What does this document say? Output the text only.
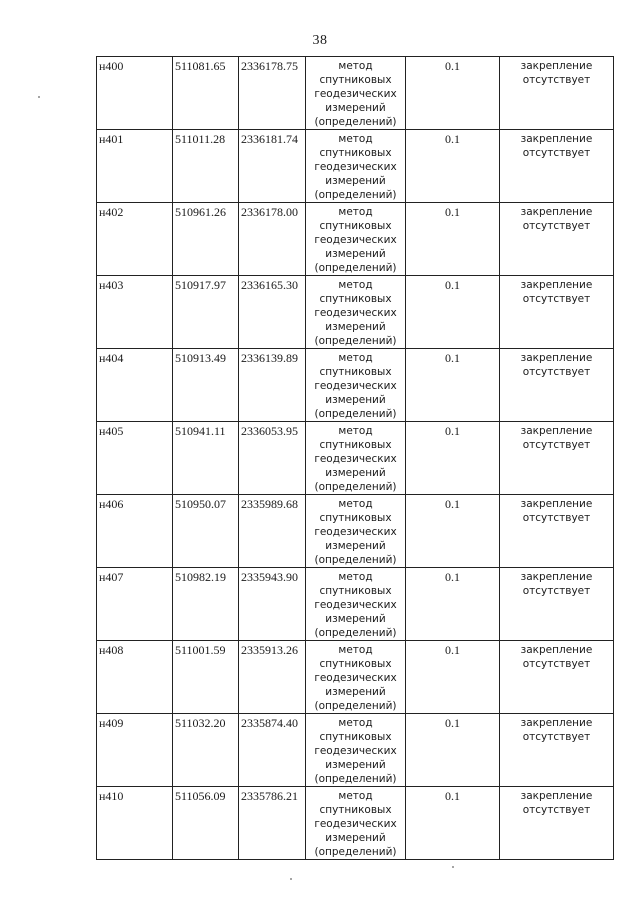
38
н400	511081.65	2336178.75	метод спутниковых геодезических измерений (определений)	0.1	закрепление отсутствует
н401	511011.28	2336181.74	метод спутниковых геодезических измерений (определений)	0.1	закрепление отсутствует
н402	510961.26	2336178.00	метод спутниковых геодезических измерений (определений)	0.1	закрепление отсутствует
н403	510917.97	2336165.30	метод спутниковых геодезических измерений (определений)	0.1	закрепление отсутствует
н404	510913.49	2336139.89	метод спутниковых геодезических измерений (определений)	0.1	закрепление отсутствует
н405	510941.11	2336053.95	метод спутниковых геодезических измерений (определений)	0.1	закрепление отсутствует
н406	510950.07	2335989.68	метод спутниковых геодезических измерений (определений)	0.1	закрепление отсутствует
н407	510982.19	2335943.90	метод спутниковых геодезических измерений (определений)	0.1	закрепление отсутствует
н408	511001.59	2335913.26	метод спутниковых геодезических измерений (определений)	0.1	закрепление отсутствует
н409	511032.20	2335874.40	метод спутниковых геодезических измерений (определений)	0.1	закрепление отсутствует
н410	511056.09	2335786.21	метод спутниковых геодезических измерений (определений)	0.1	закрепление отсутствует
